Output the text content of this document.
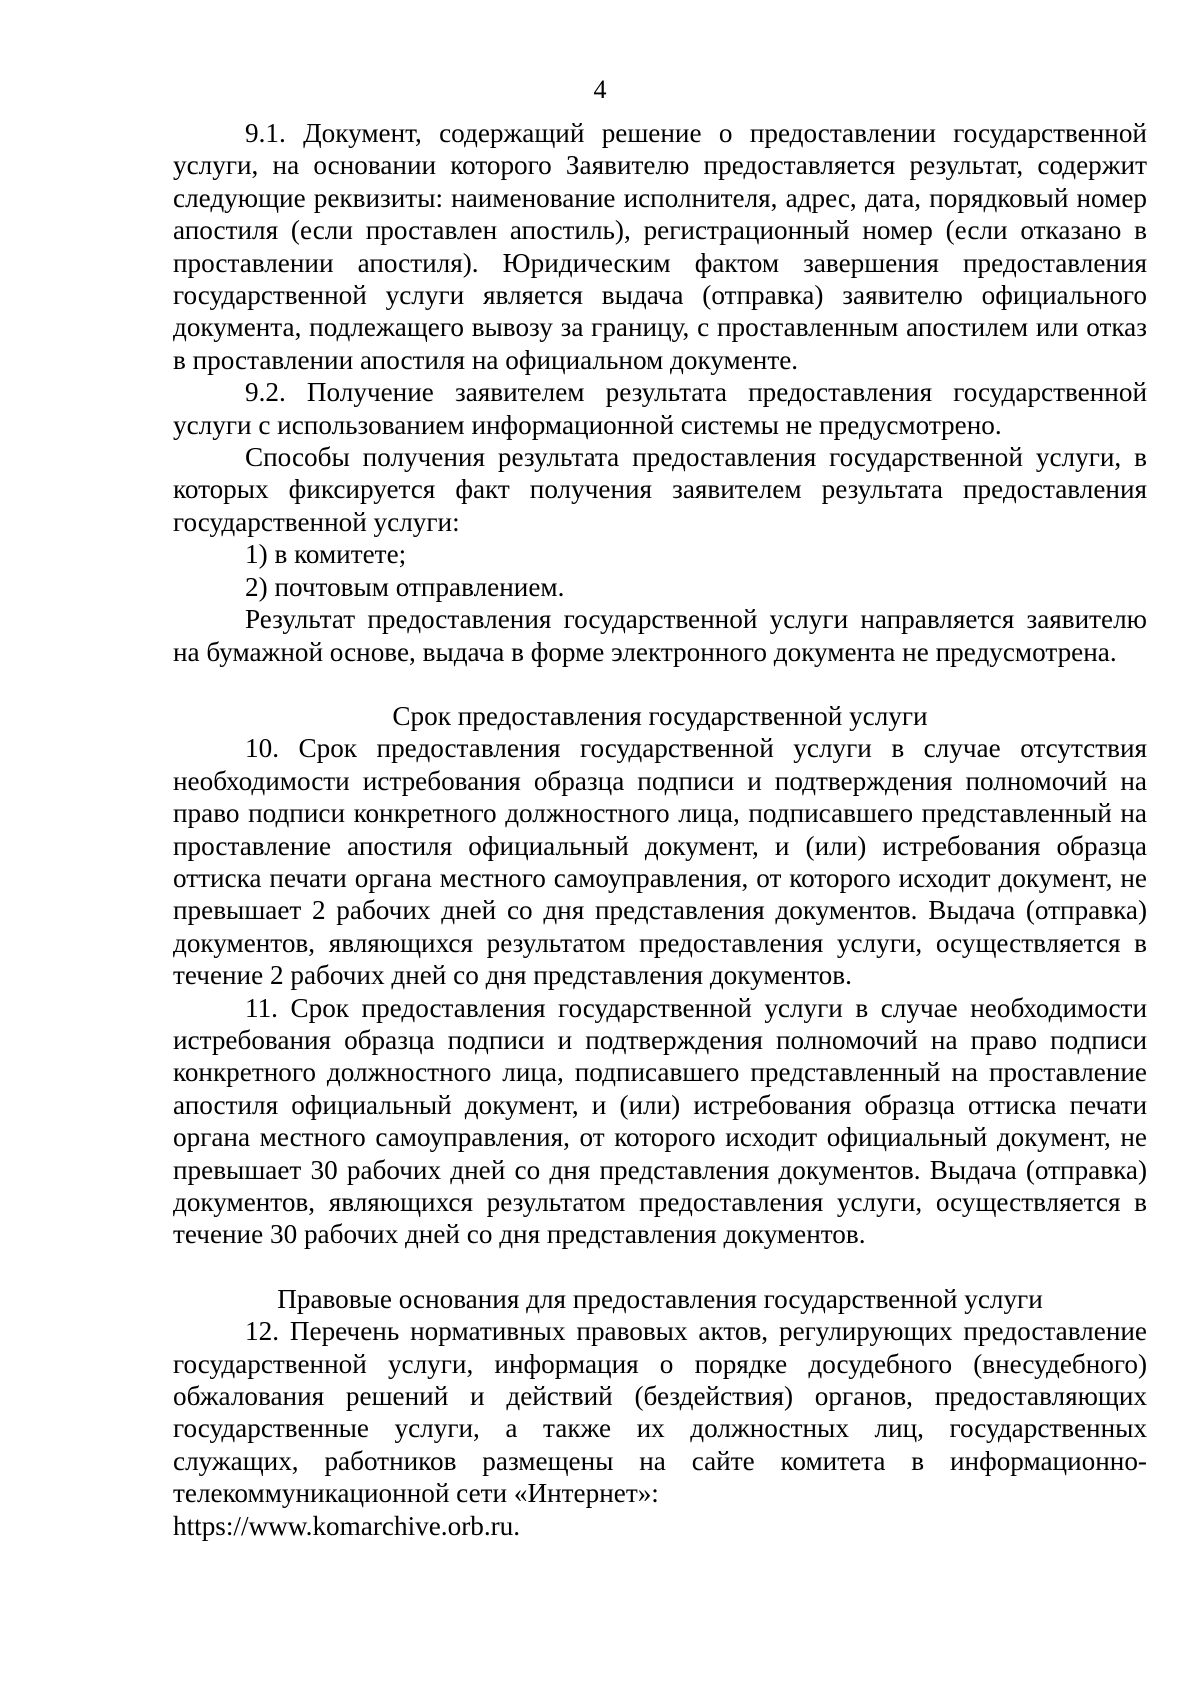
4

9.1. Документ, содержащий решение о предоставлении государственной услуги, на основании которого Заявителю предоставляется результат, содержит следующие реквизиты: наименование исполнителя, адрес, дата, порядковый номер апостиля (если проставлен апостиль), регистрационный номер (если отказано в проставлении апостиля). Юридическим фактом завершения предоставления государственной услуги является выдача (отправка) заявителю официального документа, подлежащего вывозу за границу, с проставленным апостилем или отказ в проставлении апостиля на официальном документе.

9.2. Получение заявителем результата предоставления государственной услуги с использованием информационной системы не предусмотрено.

Способы получения результата предоставления государственной услуги, в которых фиксируется факт получения заявителем результата предоставления государственной услуги:

1) в комитете;

2) почтовым отправлением.

Результат предоставления государственной услуги направляется заявителю на бумажной основе, выдача в форме электронного документа не предусмотрена.

Срок предоставления государственной услуги

10. Срок предоставления государственной услуги в случае отсутствия необходимости истребования образца подписи и подтверждения полномочий на право подписи конкретного должностного лица, подписавшего представленный на проставление апостиля официальный документ, и (или) истребования образца оттиска печати органа местного самоуправления, от которого исходит документ, не превышает 2 рабочих дней со дня представления документов. Выдача (отправка) документов, являющихся результатом предоставления услуги, осуществляется в течение 2 рабочих дней со дня представления документов.

11. Срок предоставления государственной услуги в случае необходимости истребования образца подписи и подтверждения полномочий на право подписи конкретного должностного лица, подписавшего представленный на проставление апостиля официальный документ, и (или) истребования образца оттиска печати органа местного самоуправления, от которого исходит официальный документ, не превышает 30 рабочих дней со дня представления документов. Выдача (отправка) документов, являющихся результатом предоставления услуги, осуществляется в течение 30 рабочих дней со дня представления документов.

Правовые основания для предоставления государственной услуги

12. Перечень нормативных правовых актов, регулирующих предоставление государственной услуги, информация о порядке досудебного (внесудебного) обжалования решений и действий (бездействия) органов, предоставляющих государственные услуги, а также их должностных лиц, государственных служащих, работников размещены на сайте комитета в информационно-телекоммуникационной сети «Интернет»:

https://www.komarchive.orb.ru.
